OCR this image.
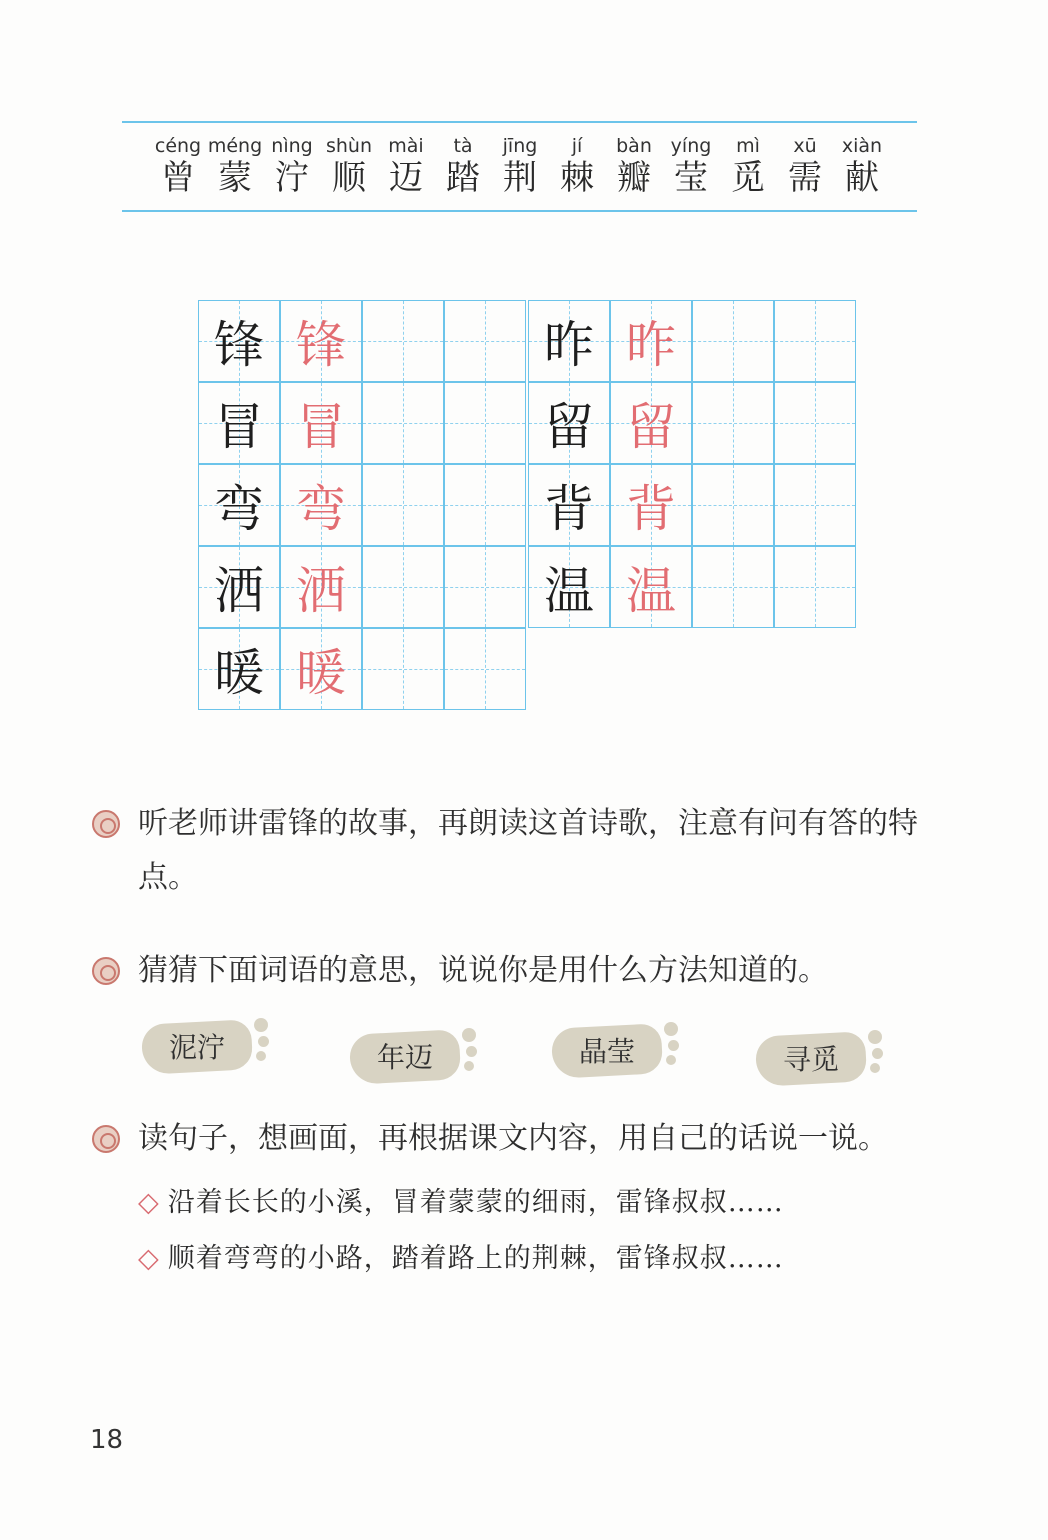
céng
曾
méng
蒙
nìng
泞
shùn
顺
mài
迈
tà
踏
jīng
荆
jí
棘
bàn
瓣
yíng
莹
mì
觅
xū
需
xiàn
献
锋 锋
冒 冒
弯 弯
洒 洒
暖 暖
昨 昨
留 留
背 背
温 温

听老师讲雷锋的故事，再朗读这首诗歌，注意有问有答的特点。

猜猜下面词语的意思，说说你是用什么方法知道的。

泥泞	年迈	晶莹	寻觅

读句子，想画面，再根据课文内容，用自己的话说一说。

◇ 沿着长长的小溪，冒着蒙蒙的细雨，雷锋叔叔……
◇ 顺着弯弯的小路，踏着路上的荆棘，雷锋叔叔……
18
